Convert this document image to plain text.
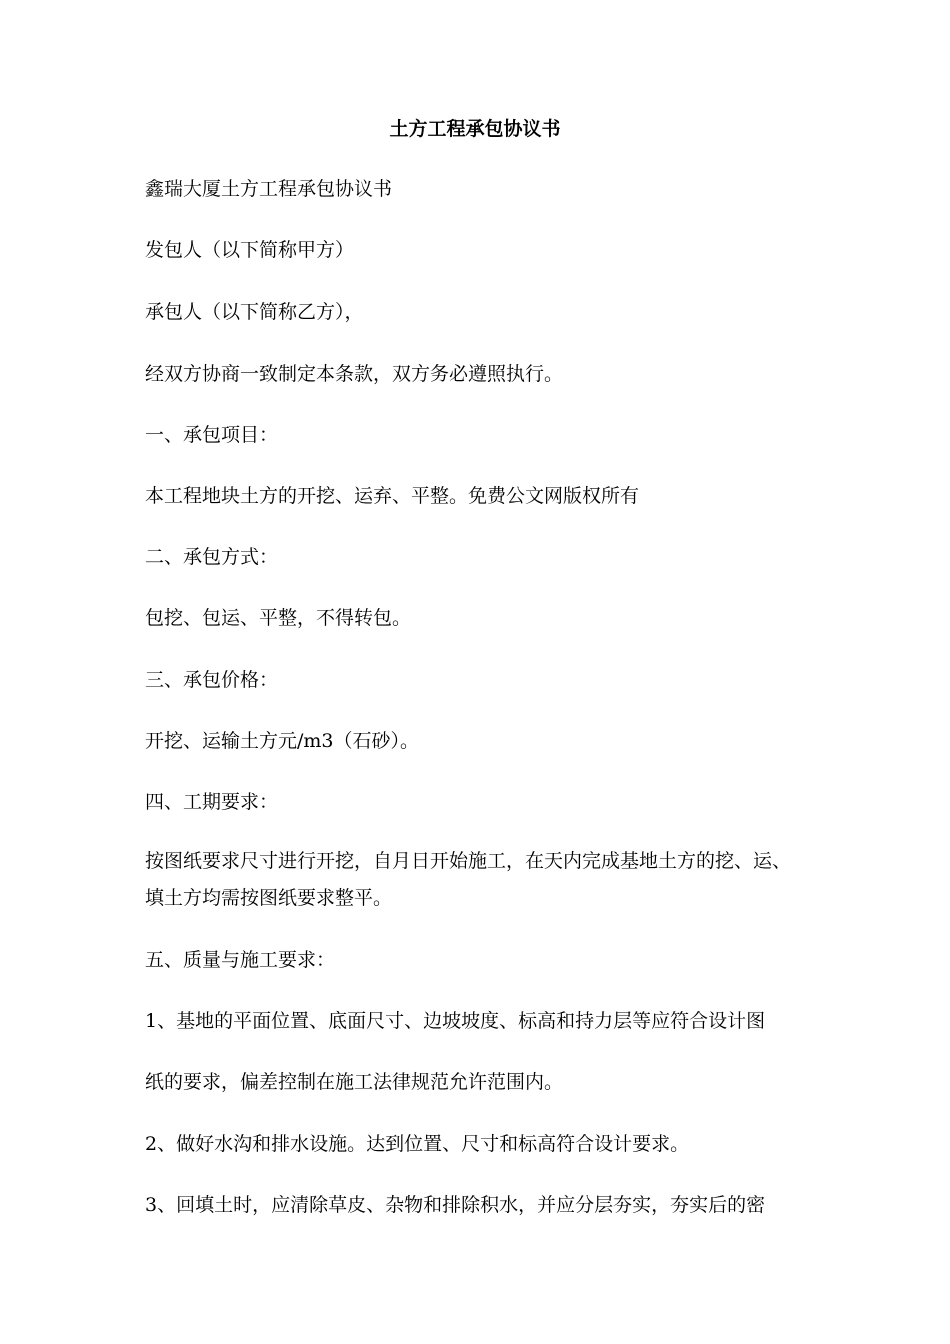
土方工程承包协议书
鑫瑞大厦土方工程承包协议书
发包人（以下简称甲方）
承包人（以下简称乙方），
经双方协商一致制定本条款，双方务必遵照执行。
一、承包项目：
本工程地块土方的开挖、运弃、平整。免费公文网版权所有
二、承包方式：
包挖、包运、平整，不得转包。
三、承包价格：
开挖、运输土方元/m3（石砂）。
四、工期要求：
按图纸要求尺寸进行开挖，自月日开始施工，在天内完成基地土方的挖、运、
填土方均需按图纸要求整平。
五、质量与施工要求：
1、基地的平面位置、底面尺寸、边坡坡度、标高和持力层等应符合设计图
纸的要求，偏差控制在施工法律规范允许范围内。
2、做好水沟和排水设施。达到位置、尺寸和标高符合设计要求。
3、回填土时，应清除草皮、杂物和排除积水，并应分层夯实，夯实后的密
